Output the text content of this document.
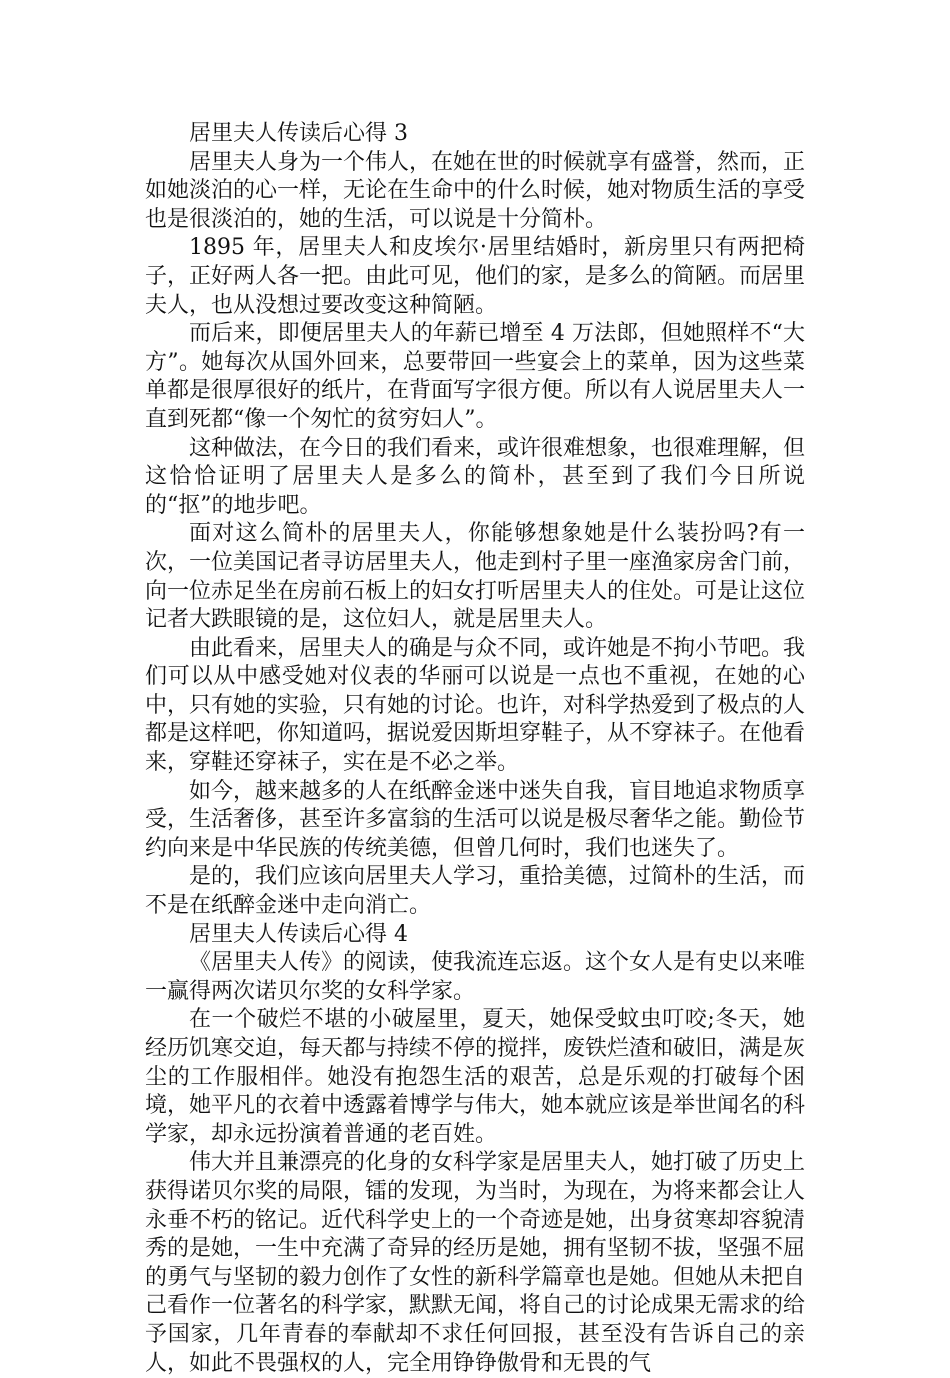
居里夫人传读后心得 3

居里夫人身为一个伟人，在她在世的时候就享有盛誉，然而，正如她淡泊的心一样，无论在生命中的什么时候，她对物质生活的享受也是很淡泊的，她的生活，可以说是十分简朴。

1895 年，居里夫人和皮埃尔·居里结婚时，新房里只有两把椅子，正好两人各一把。由此可见，他们的家，是多么的简陋。而居里夫人，也从没想过要改变这种简陋。

而后来，即便居里夫人的年薪已增至 4 万法郎，但她照样不“大方”。她每次从国外回来，总要带回一些宴会上的菜单，因为这些菜单都是很厚很好的纸片，在背面写字很方便。所以有人说居里夫人一直到死都“像一个匆忙的贫穷妇人”。

这种做法，在今日的我们看来，或许很难想象，也很难理解，但这恰恰证明了居里夫人是多么的简朴，甚至到了我们今日所说的“抠”的地步吧。

面对这么简朴的居里夫人，你能够想象她是什么装扮吗?有一次，一位美国记者寻访居里夫人，他走到村子里一座渔家房舍门前，向一位赤足坐在房前石板上的妇女打听居里夫人的住处。可是让这位记者大跌眼镜的是，这位妇人，就是居里夫人。

由此看来，居里夫人的确是与众不同，或许她是不拘小节吧。我们可以从中感受她对仪表的华丽可以说是一点也不重视，在她的心中，只有她的实验，只有她的讨论。也许，对科学热爱到了极点的人都是这样吧，你知道吗，据说爱因斯坦穿鞋子，从不穿袜子。在他看来，穿鞋还穿袜子，实在是不必之举。

如今，越来越多的人在纸醉金迷中迷失自我，盲目地追求物质享受，生活奢侈，甚至许多富翁的生活可以说是极尽奢华之能。勤俭节约向来是中华民族的传统美德，但曾几何时，我们也迷失了。

是的，我们应该向居里夫人学习，重拾美德，过简朴的生活，而不是在纸醉金迷中走向消亡。

居里夫人传读后心得 4

《居里夫人传》的阅读，使我流连忘返。这个女人是有史以来唯一赢得两次诺贝尔奖的女科学家。

在一个破烂不堪的小破屋里，夏天，她保受蚊虫叮咬;冬天，她经历饥寒交迫，每天都与持续不停的搅拌，废铁烂渣和破旧，满是灰尘的工作服相伴。她没有抱怨生活的艰苦，总是乐观的打破每个困境，她平凡的衣着中透露着博学与伟大，她本就应该是举世闻名的科学家，却永远扮演着普通的老百姓。

伟大并且兼漂亮的化身的女科学家是居里夫人，她打破了历史上获得诺贝尔奖的局限，镭的发现，为当时，为现在，为将来都会让人永垂不朽的铭记。近代科学史上的一个奇迹是她，出身贫寒却容貌清秀的是她，一生中充满了奇异的经历是她，拥有坚韧不拔，坚强不屈的勇气与坚韧的毅力创作了女性的新科学篇章也是她。但她从未把自己看作一位著名的科学家，默默无闻，将自己的讨论成果无需求的给予国家，几年青春的奉献却不求任何回报，甚至没有告诉自己的亲人，如此不畏强权的人，完全用铮铮傲骨和无畏的气
